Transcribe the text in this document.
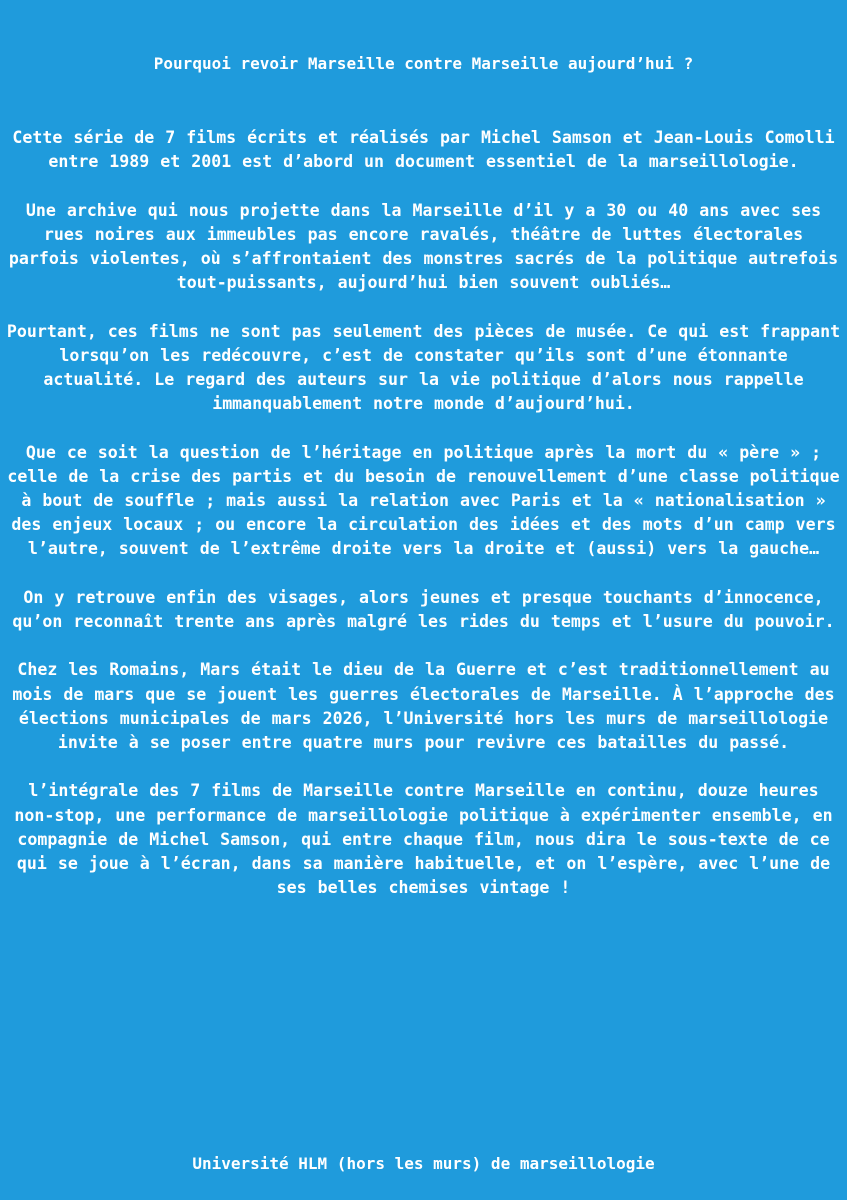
Pourquoi revoir Marseille contre Marseille aujourd’hui ?

Cette série de 7 films écrits et réalisés par Michel Samson et Jean-Louis Comolli entre 1989 et 2001 est d’abord un document essentiel de la marseillologie.

Une archive qui nous projette dans la Marseille d’il y a 30 ou 40 ans avec ses rues noires aux immeubles pas encore ravalés, théâtre de luttes électorales parfois violentes, où s’affrontaient des monstres sacrés de la politique autrefois tout-puissants, aujourd’hui bien souvent oubliés…

Pourtant, ces films ne sont pas seulement des pièces de musée. Ce qui est frappant lorsqu’on les redécouvre, c’est de constater qu’ils sont d’une étonnante actualité. Le regard des auteurs sur la vie politique d’alors nous rappelle immanquablement notre monde d’aujourd’hui.

Que ce soit la question de l’héritage en politique après la mort du « père » ; celle de la crise des partis et du besoin de renouvellement d’une classe politique à bout de souffle ; mais aussi la relation avec Paris et la « nationalisation » des enjeux locaux ; ou encore la circulation des idées et des mots d’un camp vers l’autre, souvent de l’extrême droite vers la droite et (aussi) vers la gauche…

On y retrouve enfin des visages, alors jeunes et presque touchants d’innocence, qu’on reconnaît trente ans après malgré les rides du temps et l’usure du pouvoir.

Chez les Romains, Mars était le dieu de la Guerre et c’est traditionnellement au mois de mars que se jouent les guerres électorales de Marseille. À l’approche des élections municipales de mars 2026, l’Université hors les murs de marseillologie invite à se poser entre quatre murs pour revivre ces batailles du passé.

l’intégrale des 7 films de Marseille contre Marseille en continu, douze heures non-stop, une performance de marseillologie politique à expérimenter ensemble, en compagnie de Michel Samson, qui entre chaque film, nous dira le sous-texte de ce qui se joue à l’écran, dans sa manière habituelle, et on l’espère, avec l’une de ses belles chemises vintage !

Université HLM (hors les murs) de marseillologie
